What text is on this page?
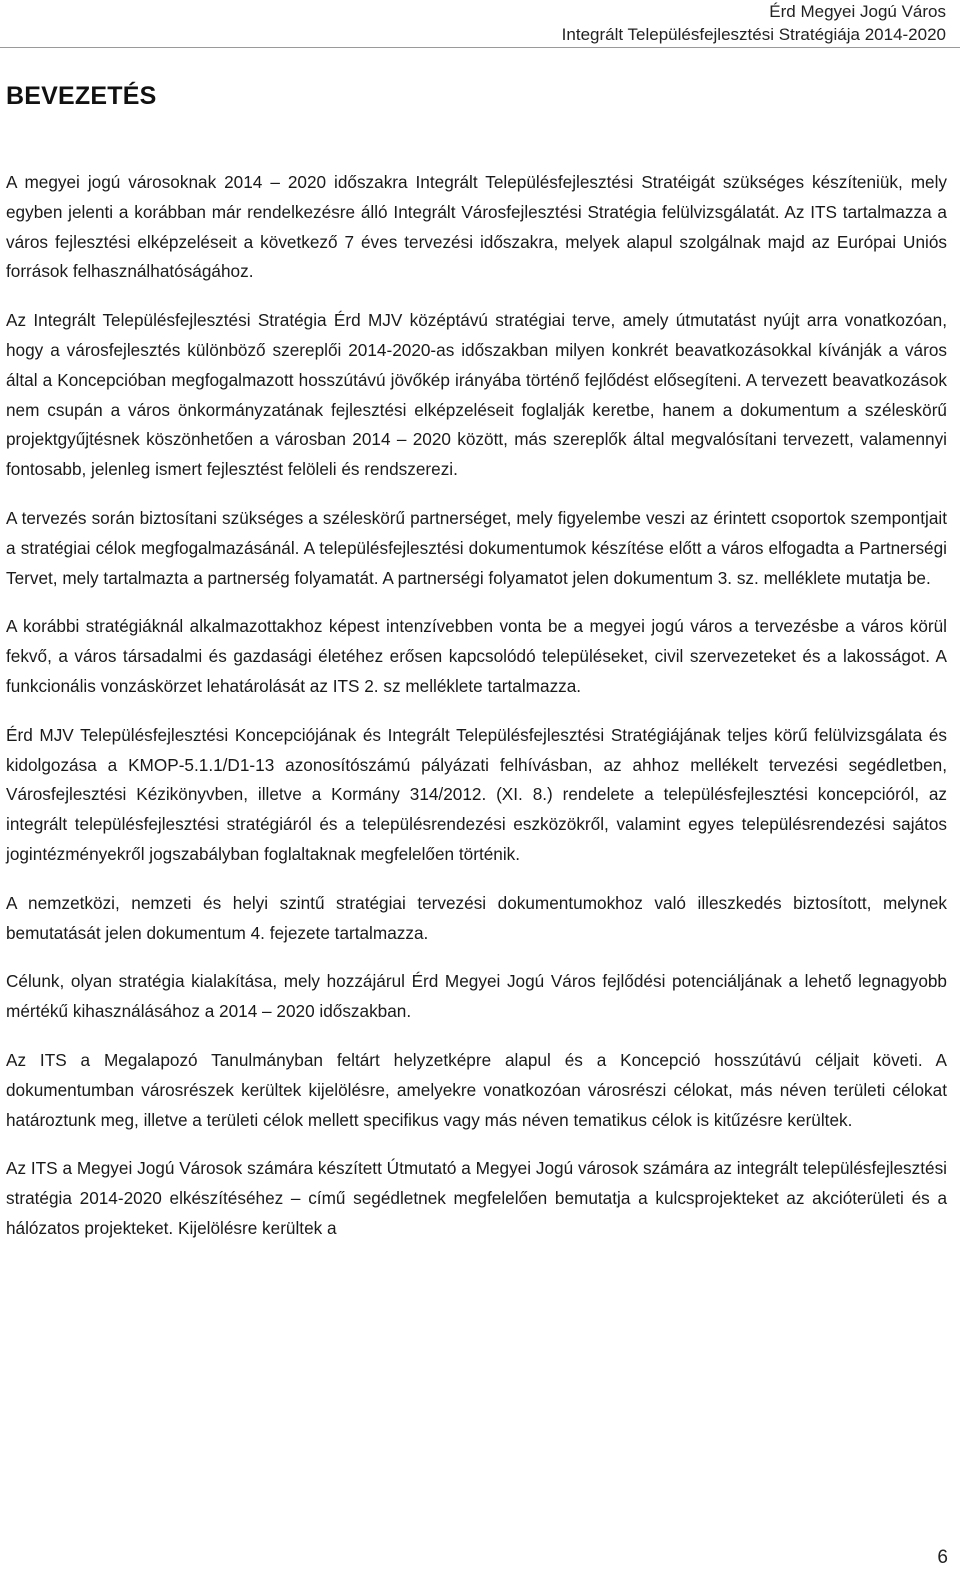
Érd Megyei Jogú Város
Integrált Településfejlesztési Stratégiája 2014-2020
BEVEZETÉS

A megyei jogú városoknak 2014 – 2020 időszakra Integrált Településfejlesztési Stratéigát szükséges készíteniük, mely egyben jelenti a korábban már rendelkezésre álló Integrált Városfejlesztési Stratégia felülvizsgálatát. Az ITS tartalmazza a város fejlesztési elképzeléseit a következő 7 éves tervezési időszakra, melyek alapul szolgálnak majd az Európai Uniós források felhasználhatóságához.

Az Integrált Településfejlesztési Stratégia Érd MJV középtávú stratégiai terve, amely útmutatást nyújt arra vonatkozóan, hogy a városfejlesztés különböző szereplői 2014-2020-as időszakban milyen konkrét beavatkozásokkal kívánják a város által a Koncepcióban megfogalmazott hosszútávú jövőkép irányába történő fejlődést elősegíteni. A tervezett beavatkozások nem csupán a város önkormányzatának fejlesztési elképzeléseit foglalják keretbe, hanem a dokumentum a széleskörű projektgyűjtésnek köszönhetően a városban 2014 – 2020 között, más szereplők által megvalósítani tervezett, valamennyi fontosabb, jelenleg ismert fejlesztést felöleli és rendszerezi.

A tervezés során biztosítani szükséges a széleskörű partnerséget, mely figyelembe veszi az érintett csoportok szempontjait a stratégiai célok megfogalmazásánál. A településfejlesztési dokumentumok készítése előtt a város elfogadta a Partnerségi Tervet, mely tartalmazta a partnerség folyamatát. A partnerségi folyamatot jelen dokumentum 3. sz. melléklete mutatja be.

A korábbi stratégiáknál alkalmazottakhoz képest intenzívebben vonta be a megyei jogú város a tervezésbe a város körül fekvő, a város társadalmi és gazdasági életéhez erősen kapcsolódó településeket, civil szervezeteket és a lakosságot. A funkcionális vonzáskörzet lehatárolását az ITS 2. sz melléklete tartalmazza.

Érd MJV Településfejlesztési Koncepciójának és Integrált Településfejlesztési Stratégiájának teljes körű felülvizsgálata és kidolgozása a KMOP-5.1.1/D1-13 azonosítószámú pályázati felhívásban, az ahhoz mellékelt tervezési segédletben, Városfejlesztési Kézikönyvben, illetve a Kormány 314/2012. (XI. 8.) rendelete a településfejlesztési koncepcióról, az integrált településfejlesztési stratégiáról és a településrendezési eszközökről, valamint egyes településrendezési sajátos jogintézményekről jogszabályban foglaltaknak megfelelően történik.

A nemzetközi, nemzeti és helyi szintű stratégiai tervezési dokumentumokhoz való illeszkedés biztosított, melynek bemutatását jelen dokumentum 4. fejezete tartalmazza.

Célunk, olyan stratégia kialakítása, mely hozzájárul Érd Megyei Jogú Város fejlődési potenciáljának a lehető legnagyobb mértékű kihasználásához a 2014 – 2020 időszakban.

Az ITS a Megalapozó Tanulmányban feltárt helyzetképre alapul és a Koncepció hosszútávú céljait követi. A dokumentumban városrészek kerültek kijelölésre, amelyekre vonatkozóan városrészi célokat, más néven területi célokat határoztunk meg, illetve a területi célok mellett specifikus vagy más néven tematikus célok is kitűzésre kerültek.

Az ITS a Megyei Jogú Városok számára készített Útmutató a Megyei Jogú városok számára az integrált településfejlesztési stratégia 2014-2020 elkészítéséhez – című segédletnek megfelelően bemutatja a kulcsprojekteket az akcióterületi és a hálózatos projekteket. Kijelölésre kerültek a

6
